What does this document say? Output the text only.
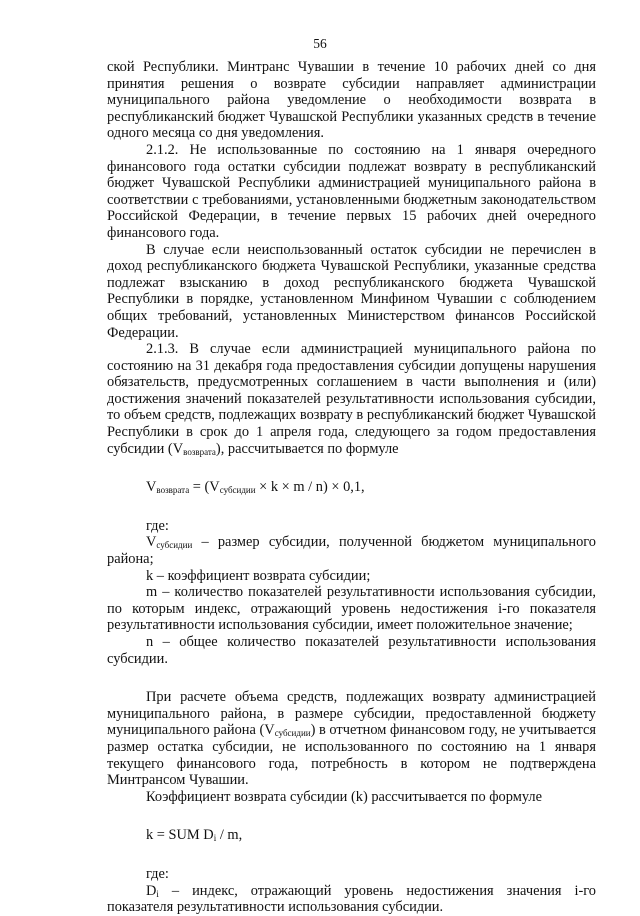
56

ской Республики. Минтранс Чувашии в течение 10 рабочих дней со дня принятия решения о возврате субсидии направляет администрации муниципального района уведомление о необходимости возврата в республиканский бюджет Чувашской Республики указанных средств в течение одного месяца со дня уведомления.

2.1.2. Не использованные по состоянию на 1 января очередного финансового года остатки субсидии подлежат возврату в республиканский бюджет Чувашской Республики администрацией муниципального района в соответствии с требованиями, установленными бюджетным законодательством Российской Федерации, в течение первых 15 рабочих дней очередного финансового года.

В случае если неиспользованный остаток субсидии не перечислен в доход республиканского бюджета Чувашской Республики, указанные средства подлежат взысканию в доход республиканского бюджета Чувашской Республики в порядке, установленном Минфином Чувашии с соблюдением общих требований, установленных Министерством финансов Российской Федерации.

2.1.3. В случае если администрацией муниципального района по состоянию на 31 декабря года предоставления субсидии допущены нарушения обязательств, предусмотренных соглашением в части выполнения и (или) достижения значений показателей результативности использования субсидии, то объем средств, подлежащих возврату в республиканский бюджет Чувашской Республики в срок до 1 апреля года, следующего за годом предоставления субсидии $(V_{возврата})$, рассчитывается по формуле

$V_{возврата} = (V_{субсидии} \times k \times m / n) \times 0,1$,

где:

$V_{субсидии}$ – размер субсидии, полученной бюджетом муниципального района;

k – коэффициент возврата субсидии;

m – количество показателей результативности использования субсидии, по которым индекс, отражающий уровень недостижения i-го показателя результативности использования субсидии, имеет положительное значение;

n – общее количество показателей результативности использования субсидии.

При расчете объема средств, подлежащих возврату администрацией муниципального района, в размере субсидии, предоставленной бюджету муниципального района $(V_{субсидии})$ в отчетном финансовом году, не учитывается размер остатка субсидии, не использованного по состоянию на 1 января текущего финансового года, потребность в котором не подтверждена Минтрансом Чувашии.

Коэффициент возврата субсидии (k) рассчитывается по формуле

k = SUM $D_i$ / m,

где:

$D_i$ – индекс, отражающий уровень недостижения значения i-го показателя результативности использования субсидии.
